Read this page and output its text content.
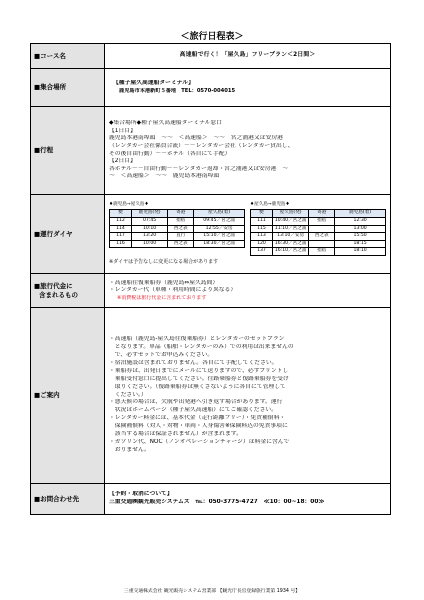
＜旅行日程表＞
■コース名	高速船で行く！「屋久島」フリープラン＜2日間＞
■集合場所	
【種子屋久高速船ターミナル】
鹿児島市本港新町５番地　TEL：0570-004015

■行程	
◆集合場所◆種子屋久高速船ターミナル窓口
【1日目】
鹿児島本港南埠頭　～～　＜高速船＞　～～　宮之浦港又は安房港
（レンタカー会社係員合流）－－レンタカー会社（レンタカー貸出し、
その後自由行動）－－ホテル（各自にて手配）
【2日目】
各ホテル－－自由行動－－レンタカー返却・宮之浦港又は安房港　～
～　＜高速船＞　～～　鹿児島本港南埠頭

■運行ダイヤ	
♦鹿児島→屋久島♦
便	鹿児島(発)	寄港	屋久島(着)
112	07:45	指宿	09:45／宮之浦
114	10:10	西之表	12:55／安房
117	13:20	直行	15:10／宮之浦
116	10:00	西之表	18:30／宮之浦
♦屋久島→鹿児島♦
便	屋久島(発)	寄港	鹿児島(着)
111	10:40／宮之浦	指宿	12:30
115	11:10／宮之浦		13:00
113	13:10／安房	西之表	15:50
120	16:30／宮之浦		18:15
137	16:10／宮之浦	指宿	18:10
※ダイヤは予告なしに変更になる場合があります

■旅行代金に
含まれるもの

・高速船往復乗船券（鹿児島⇔屋久島間）
・レンタカー代（車種・利用時間により異なる）
※消費税は旅行代金に含まれております

■ご案内	
・高速船（鹿児島-屋久島往復乗船券）とレンタカーのセットプラン
　となります。単品（船舶・レンタカーのみ）での利用は出来ませんの
　で、必ずセットでお申込みください。
・宿泊施設は含まれておりません。各自にて手配してください。
・乗船券は、出発日までにメールにて送りますので、必ずプリントし
　乗船受付窓口に提出してください。往路乗船券と復路乗船券を受け
　取りください。（復路乗船券は無くさないように各自にて管理して
　ください。）
・悪天候の場合は、欠航や出発港へ引き返す場合があります。運行
　状況はホームページ（種子屋久高速船）にてご確認ください。
・レンタカー料金には、基本代金（走行距離フリー）・免責補償料・
　保険補償料（対人・対物・車両・人身傷害※保険料込の免責事項に
　該当する場合は保証されません）が含まれます。
・ガソリン代、NOC（ノンオペレーションチャージ）は料金に含んで
　おりません。

■お問合わせ先	
【予約・取消について】
三重交通㈱観光販売システムズ　℡：050-3775-4727　≪10：00~18：00≫
三重交通株式会社 観光販売システム営業部 【観光庁長官登録旅行業第 1934 号】
